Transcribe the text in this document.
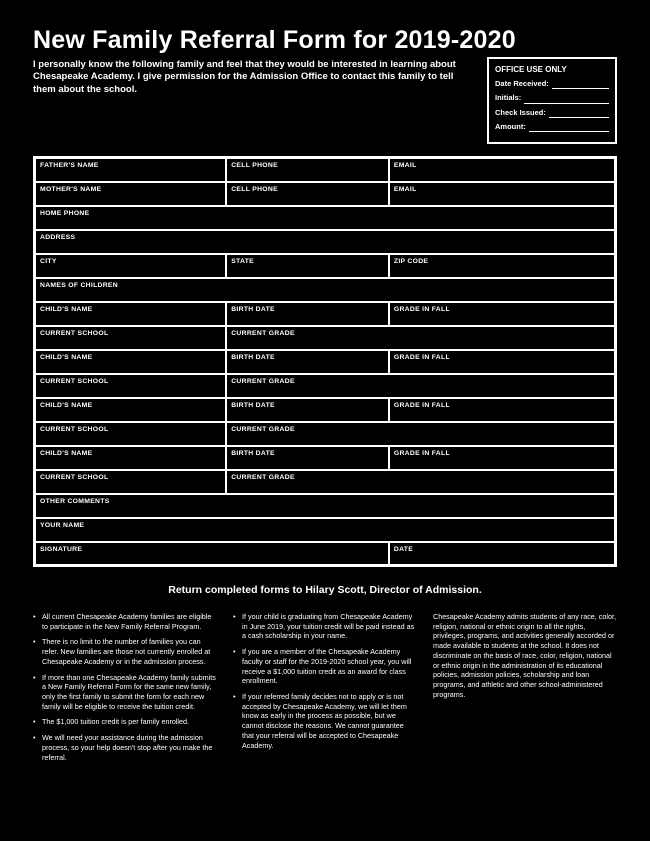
New Family Referral Form for 2019-2020
I personally know the following family and feel that they would be interested in learning about Chesapeake Academy. I give permission for the Admission Office to contact this family to tell them about the school.
OFFICE USE ONLY
Date Received:
Initials:
Check Issued:
Amount:
FATHER'S NAME	CELL PHONE	EMAIL
MOTHER'S NAME	CELL PHONE	EMAIL
HOME PHONE		
ADDRESS		
CITY	STATE	ZIP CODE
NAMES OF CHILDREN		
CHILD'S NAME	BIRTH DATE	GRADE IN FALL
CURRENT SCHOOL	CURRENT GRADE	
CHILD'S NAME	BIRTH DATE	GRADE IN FALL
CURRENT SCHOOL	CURRENT GRADE	
CHILD'S NAME	BIRTH DATE	GRADE IN FALL
CURRENT SCHOOL	CURRENT GRADE	
CHILD'S NAME	BIRTH DATE	GRADE IN FALL
CURRENT SCHOOL	CURRENT GRADE	
OTHER COMMENTS		
YOUR NAME		
SIGNATURE		DATE
Return completed forms to Hilary Scott, Director of Admission.
• All current Chesapeake Academy families are eligible to participate in the New Family Referral Program.
• There is no limit to the number of families you can refer. New families are those not currently enrolled at Chesapeake Academy or in the admission process.
• If more than one Chesapeake Academy family submits a New Family Referral Form for the same new family, only the first family to submit the form for each new family will be eligible to receive the tuition credit.
• The $1,000 tuition credit is per family enrolled.
• We will need your assistance during the admission process, so your help doesn't stop after you make the referral.
• If your child is graduating from Chesapeake Academy in June 2019, your tuition credit will be paid instead as a cash scholarship in your name.
• If you are a member of the Chesapeake Academy faculty or staff for the 2019-2020 school year, you will receive a $1,000 tuition credit as an award for class enrollment.
• If your referred family decides not to apply or is not accepted by Chesapeake Academy, we will let them know as early in the process as possible, but we cannot disclose the reasons. We cannot guarantee that your referral will be accepted to Chesapeake Academy.

Chesapeake Academy admits students of any race, color, religion, national or ethnic origin to all the rights, privileges, programs, and activities generally accorded or made available to students at the school. It does not discriminate on the basis of race, color, religion, national or ethnic origin in the administration of its educational policies, admission policies, scholarship and loan programs, and athletic and other school-administered programs.
